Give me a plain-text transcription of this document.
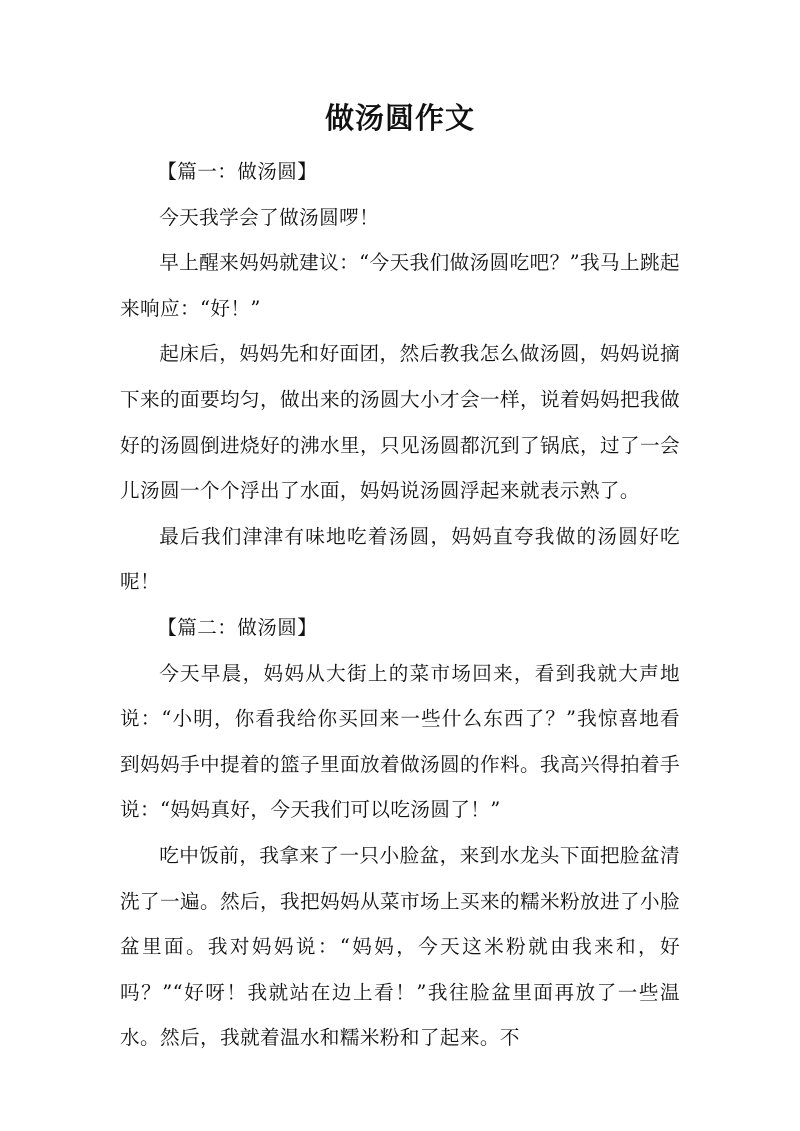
做汤圆作文

【篇一：做汤圆】

今天我学会了做汤圆啰！

早上醒来妈妈就建议：“今天我们做汤圆吃吧？”我马上跳起来响应：“好！”

起床后，妈妈先和好面团，然后教我怎么做汤圆，妈妈说摘下来的面要均匀，做出来的汤圆大小才会一样，说着妈妈把我做好的汤圆倒进烧好的沸水里，只见汤圆都沉到了锅底，过了一会儿汤圆一个个浮出了水面，妈妈说汤圆浮起来就表示熟了。

最后我们津津有味地吃着汤圆，妈妈直夸我做的汤圆好吃呢！

【篇二：做汤圆】

今天早晨，妈妈从大街上的菜市场回来，看到我就大声地说：“小明，你看我给你买回来一些什么东西了？”我惊喜地看到妈妈手中提着的篮子里面放着做汤圆的作料。我高兴得拍着手说：“妈妈真好，今天我们可以吃汤圆了！”

吃中饭前，我拿来了一只小脸盆，来到水龙头下面把脸盆清洗了一遍。然后，我把妈妈从菜市场上买来的糯米粉放进了小脸盆里面。我对妈妈说：“妈妈，今天这米粉就由我来和，好吗？”“好呀！我就站在边上看！”我往脸盆里面再放了一些温水。然后，我就着温水和糯米粉和了起来。不
